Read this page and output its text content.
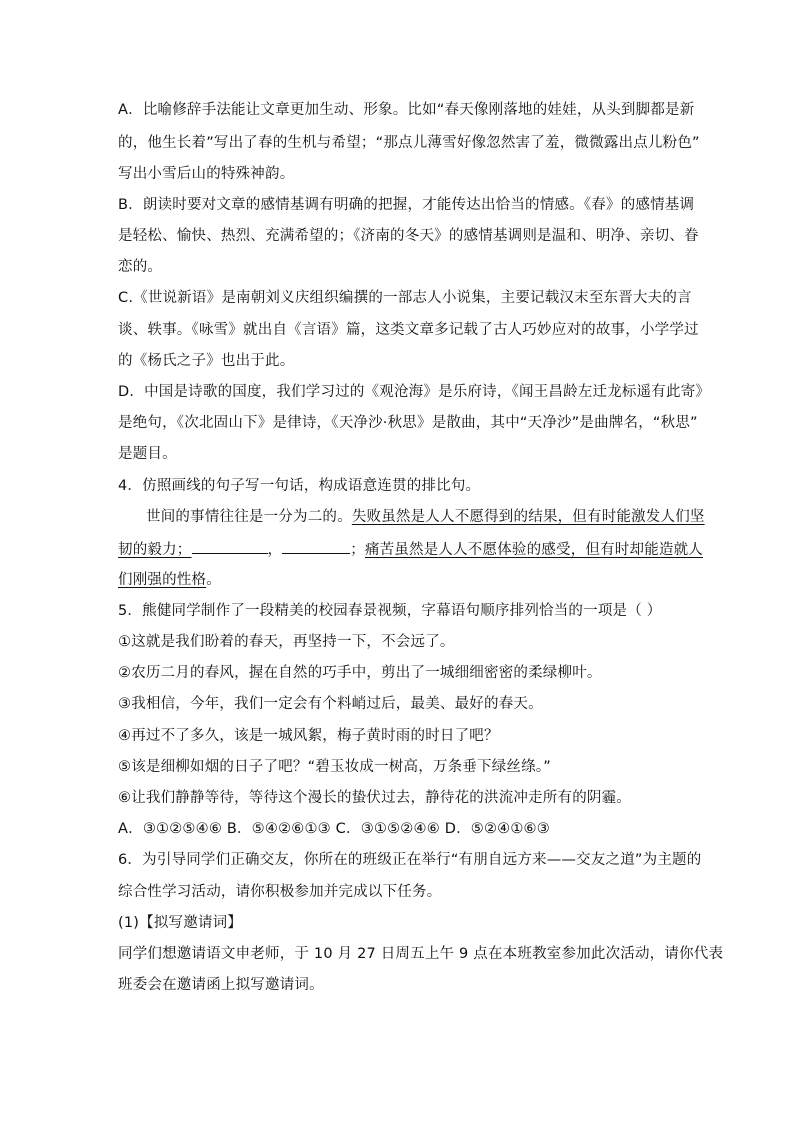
A．比喻修辞手法能让文章更加生动、形象。比如“春天像刚落地的娃娃，从头到脚都是新
的，他生长着”写出了春的生机与希望；“那点儿薄雪好像忽然害了羞，微微露出点儿粉色”
写出小雪后山的特殊神韵。
B．朗读时要对文章的感情基调有明确的把握，才能传达出恰当的情感。《春》的感情基调
是轻松、愉快、热烈、充满希望的；《济南的冬天》的感情基调则是温和、明净、亲切、眷
恋的。
C.《世说新语》是南朝刘义庆组织编撰的一部志人小说集，主要记载汉末至东晋大夫的言
谈、轶事。《咏雪》就出自《言语》篇，这类文章多记载了古人巧妙应对的故事，小学学过
的《杨氏之子》也出于此。
D．中国是诗歌的国度，我们学习过的《观沧海》是乐府诗，《闻王昌龄左迁龙标遥有此寄》
是绝句，《次北固山下》是律诗，《天净沙·秋思》是散曲，其中“天净沙”是曲牌名，“秋思”
是题目。
4．仿照画线的句子写一句话，构成语意连贯的排比句。
世间的事情往往是一分为二的。失败虽然是人人不愿得到的结果，但有时能激发人们坚
韧的毅力；	，	；痛苦虽然是人人不愿体验的感受，但有时却能造就人
们刚强的性格。
5．熊健同学制作了一段精美的校园春景视频，字幕语句顺序排列恰当的一项是（ ）
①这就是我们盼着的春天，再坚持一下，不会远了。
②农历二月的春风，握在自然的巧手中，剪出了一城细细密密的柔绿柳叶。
③我相信，今年，我们一定会有个料峭过后，最美、最好的春天。
④再过不了多久，该是一城风絮，梅子黄时雨的时日了吧？
⑤该是细柳如烟的日子了吧？“碧玉妆成一树高，万条垂下绿丝绦。”
⑥让我们静静等待，等待这个漫长的蛰伏过去，静待花的洪流冲走所有的阴霾。
A．③①②⑤④⑥ B．⑤④②⑥①③ C．③①⑤②④⑥ D．⑤②④①⑥③
6．为引导同学们正确交友，你所在的班级正在举行“有朋自远方来——交友之道”为主题的
综合性学习活动，请你积极参加并完成以下任务。
(1)【拟写邀请词】
同学们想邀请语文申老师，于 10 月 27 日周五上午 9 点在本班教室参加此次活动，请你代表
班委会在邀请函上拟写邀请词。
